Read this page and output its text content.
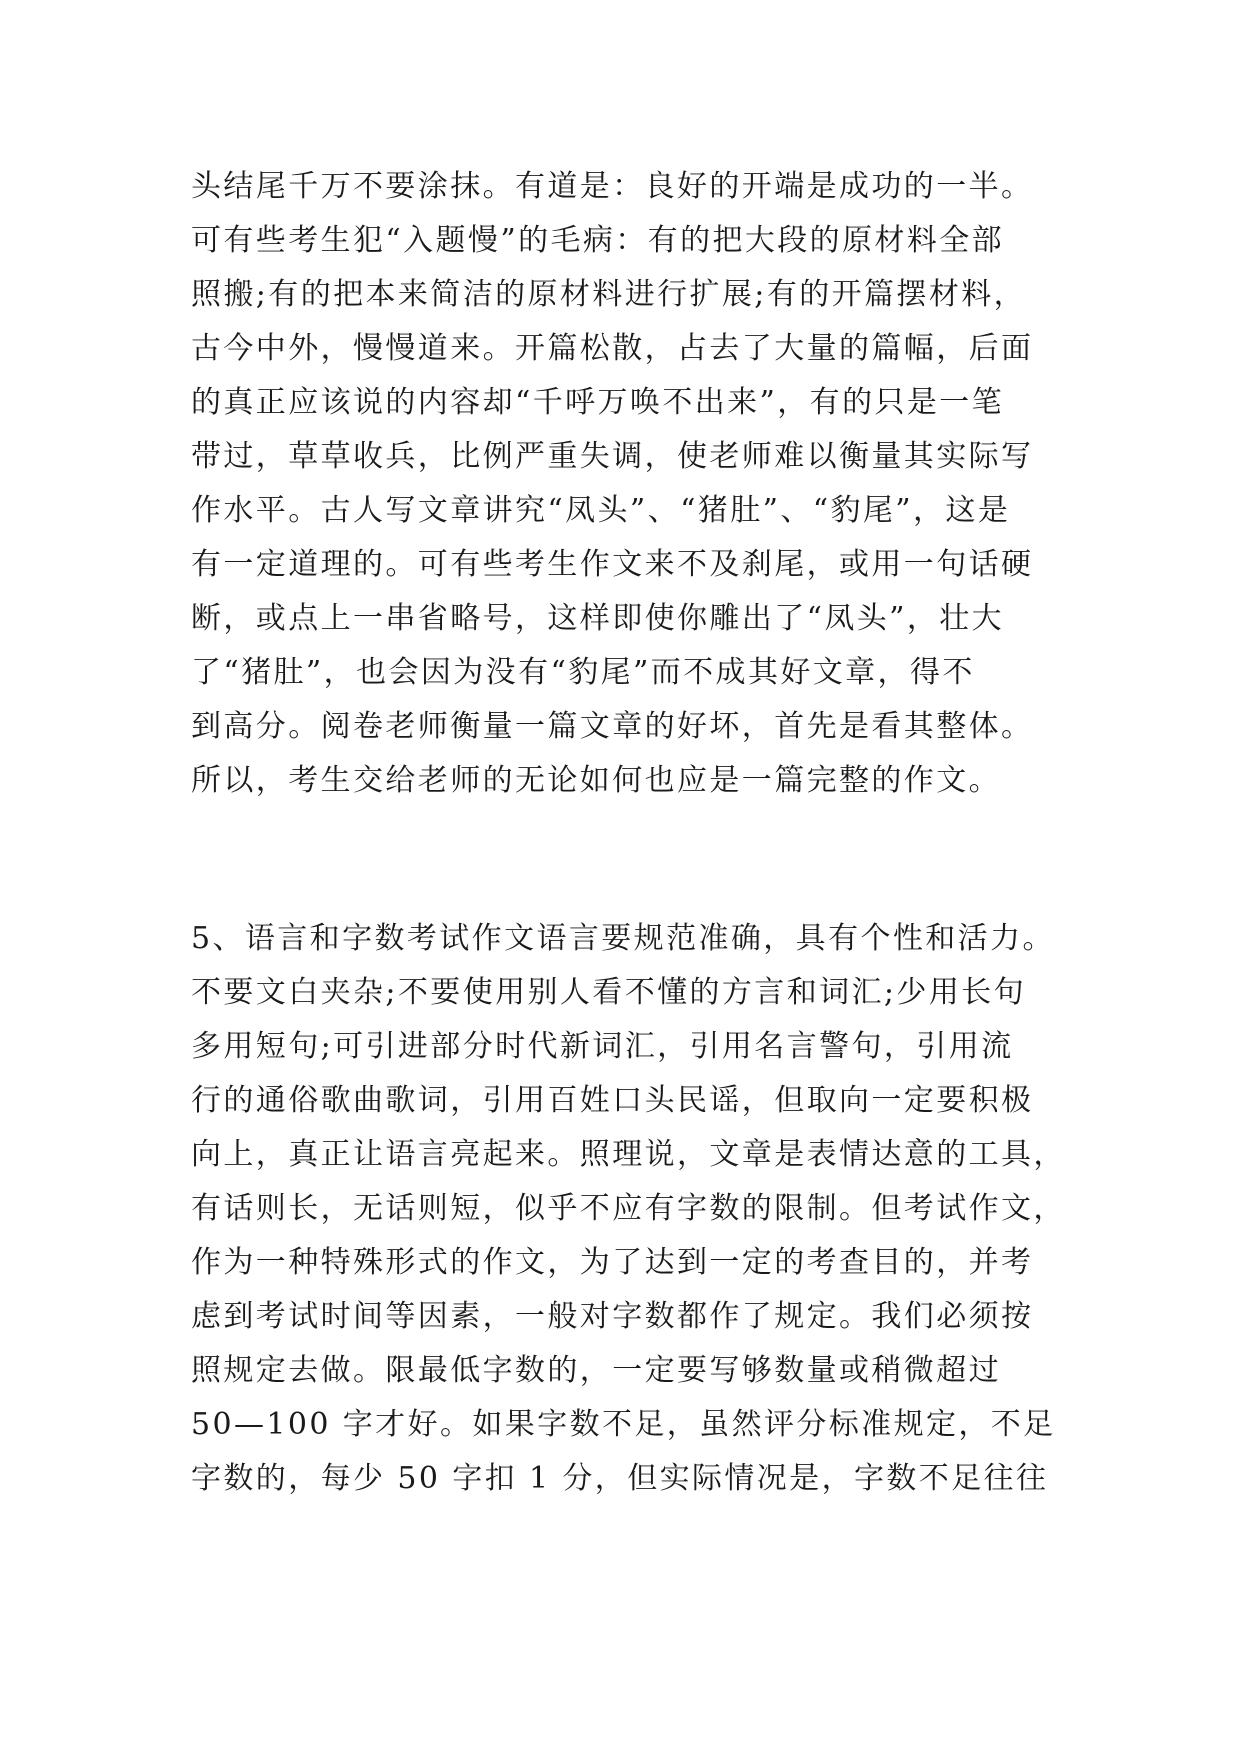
头结尾千万不要涂抹。有道是：良好的开端是成功的一半。
可有些考生犯“入题慢”的毛病：有的把大段的原材料全部
照搬;有的把本来简洁的原材料进行扩展;有的开篇摆材料，
古今中外，慢慢道来。开篇松散，占去了大量的篇幅，后面
的真正应该说的内容却“千呼万唤不出来”，有的只是一笔
带过，草草收兵，比例严重失调，使老师难以衡量其实际写
作水平。古人写文章讲究“凤头”、“猪肚”、“豹尾”，这是
有一定道理的。可有些考生作文来不及刹尾，或用一句话硬
断，或点上一串省略号，这样即使你雕出了“凤头”，壮大
了“猪肚”，也会因为没有“豹尾”而不成其好文章，得不
到高分。阅卷老师衡量一篇文章的好坏，首先是看其整体。
所以，考生交给老师的无论如何也应是一篇完整的作文。
5、语言和字数考试作文语言要规范准确，具有个性和活力。
不要文白夹杂;不要使用别人看不懂的方言和词汇;少用长句
多用短句;可引进部分时代新词汇，引用名言警句，引用流
行的通俗歌曲歌词，引用百姓口头民谣，但取向一定要积极
向上，真正让语言亮起来。照理说，文章是表情达意的工具，
有话则长，无话则短，似乎不应有字数的限制。但考试作文，
作为一种特殊形式的作文，为了达到一定的考查目的，并考
虑到考试时间等因素，一般对字数都作了规定。我们必须按
照规定去做。限最低字数的，一定要写够数量或稍微超过
50—100 字才好。如果字数不足，虽然评分标准规定，不足
字数的，每少 50 字扣 1 分，但实际情况是，字数不足往往
